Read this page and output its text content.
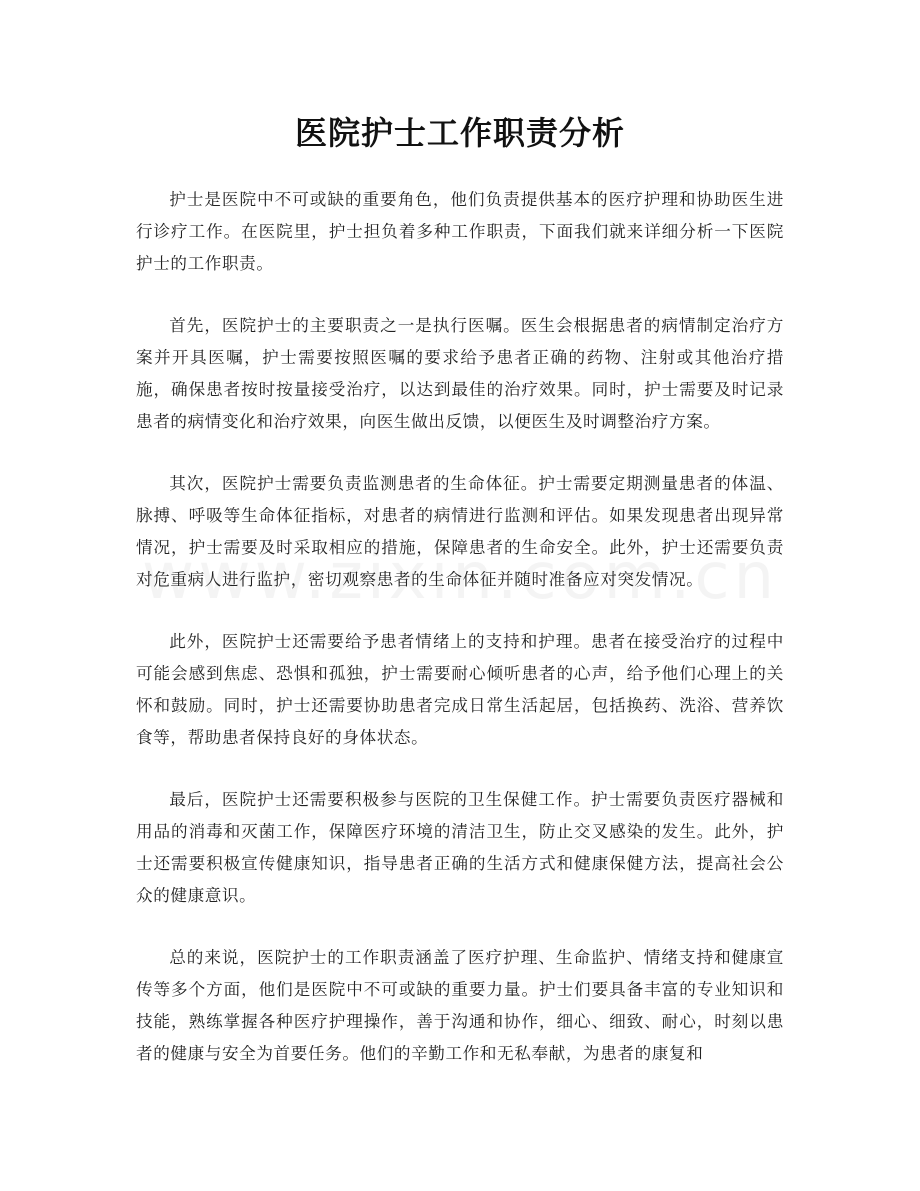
医院护士工作职责分析

护士是医院中不可或缺的重要角色，他们负责提供基本的医疗护理和协助医生进行诊疗工作。在医院里，护士担负着多种工作职责，下面我们就来详细分析一下医院护士的工作职责。

首先，医院护士的主要职责之一是执行医嘱。医生会根据患者的病情制定治疗方案并开具医嘱，护士需要按照医嘱的要求给予患者正确的药物、注射或其他治疗措施，确保患者按时按量接受治疗，以达到最佳的治疗效果。同时，护士需要及时记录患者的病情变化和治疗效果，向医生做出反馈，以便医生及时调整治疗方案。

其次，医院护士需要负责监测患者的生命体征。护士需要定期测量患者的体温、脉搏、呼吸等生命体征指标，对患者的病情进行监测和评估。如果发现患者出现异常情况，护士需要及时采取相应的措施，保障患者的生命安全。此外，护士还需要负责对危重病人进行监护，密切观察患者的生命体征并随时准备应对突发情况。

此外，医院护士还需要给予患者情绪上的支持和护理。患者在接受治疗的过程中可能会感到焦虑、恐惧和孤独，护士需要耐心倾听患者的心声，给予他们心理上的关怀和鼓励。同时，护士还需要协助患者完成日常生活起居，包括换药、洗浴、营养饮食等，帮助患者保持良好的身体状态。

最后，医院护士还需要积极参与医院的卫生保健工作。护士需要负责医疗器械和用品的消毒和灭菌工作，保障医疗环境的清洁卫生，防止交叉感染的发生。此外，护士还需要积极宣传健康知识，指导患者正确的生活方式和健康保健方法，提高社会公众的健康意识。

总的来说，医院护士的工作职责涵盖了医疗护理、生命监护、情绪支持和健康宣传等多个方面，他们是医院中不可或缺的重要力量。护士们要具备丰富的专业知识和技能，熟练掌握各种医疗护理操作，善于沟通和协作，细心、细致、耐心，时刻以患者的健康与安全为首要任务。他们的辛勤工作和无私奉献，为患者的康复和
